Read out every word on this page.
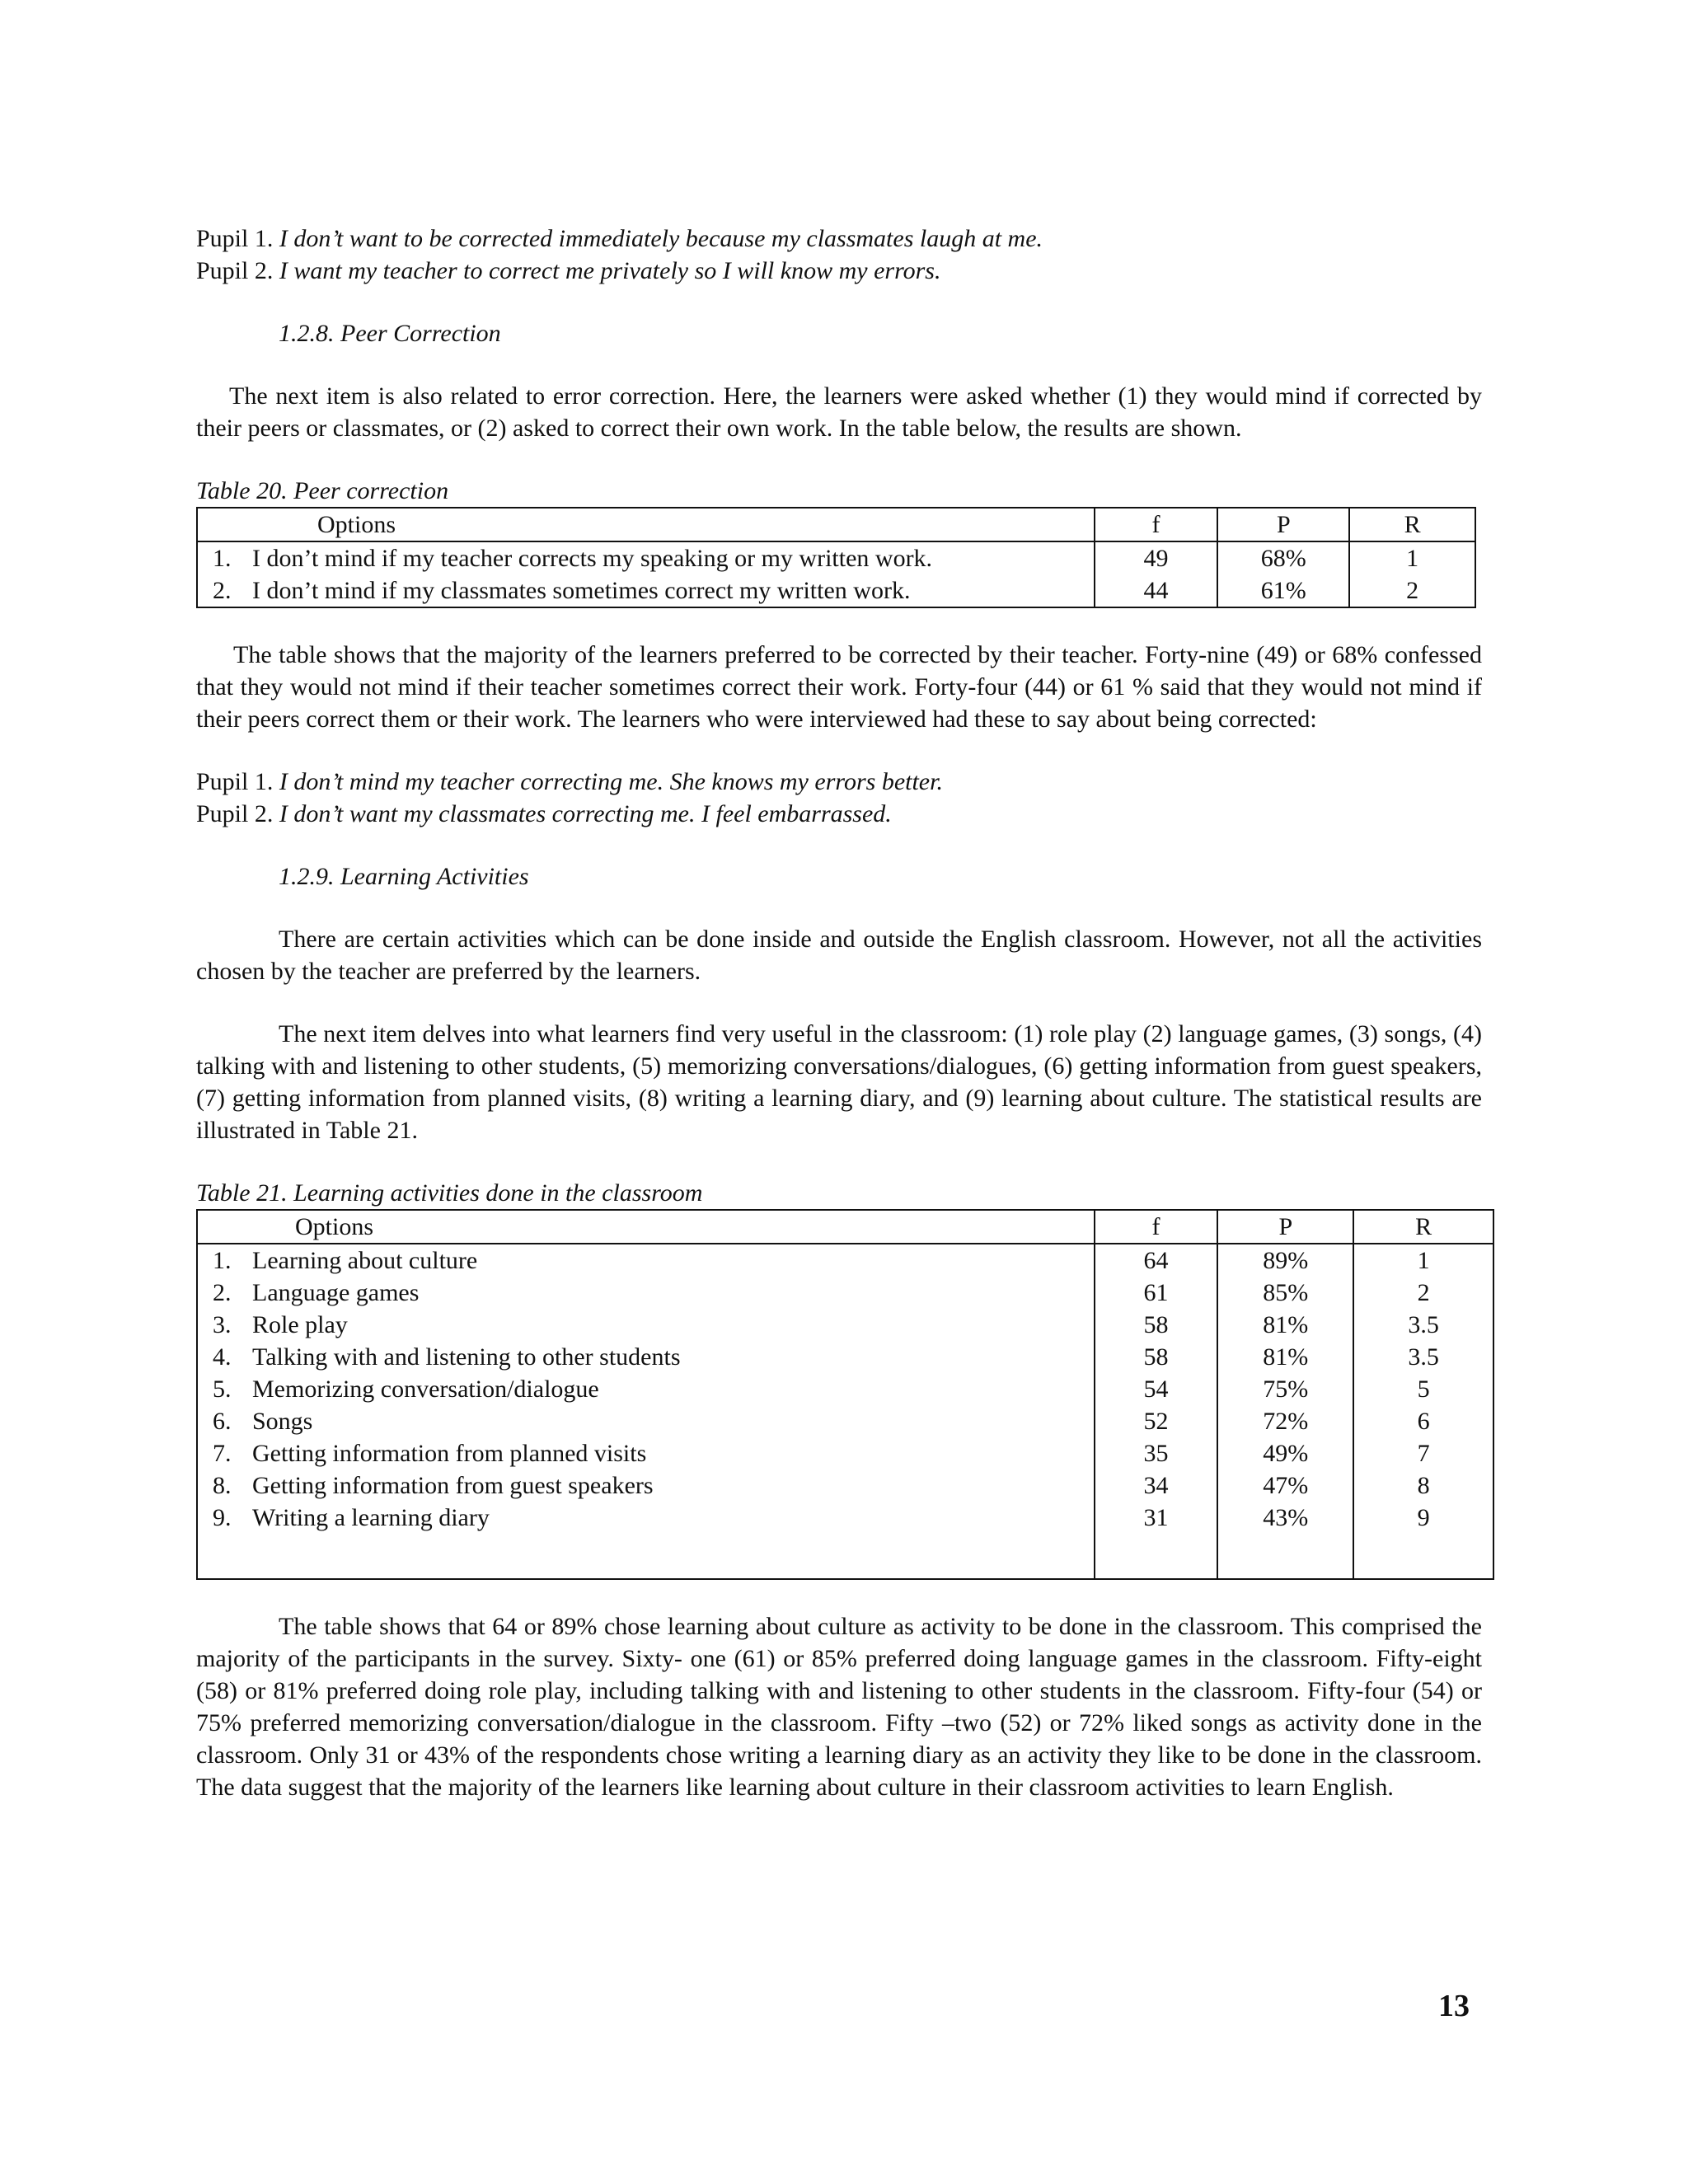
Pupil 1. I don’t want to be corrected immediately because my classmates laugh at me.

Pupil 2. I want my teacher to correct me privately so I will know my errors.

1.2.8. Peer Correction

The next item is also related to error correction. Here, the learners were asked whether (1) they would mind if corrected by their peers or classmates, or (2) asked to correct their own work. In the table below, the results are shown.

Table 20. Peer correction

Options	f	P	R
1. I don’t mind if my teacher corrects my speaking or my written work.	49	68%	1
2. I don’t mind if my classmates sometimes correct my written work.	44	61%	2

The table shows that the majority of the learners preferred to be corrected by their teacher. Forty-nine (49) or 68% confessed that they would not mind if their teacher sometimes correct their work. Forty-four (44) or 61 % said that they would not mind if their peers correct them or their work. The learners who were interviewed had these to say about being corrected:

Pupil 1. I don’t mind my teacher correcting me. She knows my errors better.

Pupil 2. I don’t want my classmates correcting me. I feel embarrassed.

1.2.9. Learning Activities

There are certain activities which can be done inside and outside the English classroom. However, not all the activities chosen by the teacher are preferred by the learners.

The next item delves into what learners find very useful in the classroom: (1) role play (2) language games, (3) songs, (4) talking with and listening to other students, (5) memorizing conversations/dialogues, (6) getting information from guest speakers, (7) getting information from planned visits, (8) writing a learning diary, and (9) learning about culture. The statistical results are illustrated in Table 21.

Table 21. Learning activities done in the classroom

Options	f	P	R
1. Learning about culture	64	89%	1
2. Language games	61	85%	2
3. Role play	58	81%	3.5
4. Talking with and listening to other students	58	81%	3.5
5. Memorizing conversation/dialogue	54	75%	5
6. Songs	52	72%	6
7. Getting information from planned visits	35	49%	7
8. Getting information from guest speakers	34	47%	8
9. Writing a learning diary	31	43%	9

The table shows that 64 or 89% chose learning about culture as activity to be done in the classroom. This comprised the majority of the participants in the survey. Sixty- one (61) or 85% preferred doing language games in the classroom. Fifty-eight (58) or 81% preferred doing role play, including talking with and listening to other students in the classroom. Fifty-four (54) or 75% preferred memorizing conversation/dialogue in the classroom. Fifty –two (52) or 72% liked songs as activity done in the classroom. Only 31 or 43% of the respondents chose writing a learning diary as an activity they like to be done in the classroom. The data suggest that the majority of the learners like learning about culture in their classroom activities to learn English.

13
